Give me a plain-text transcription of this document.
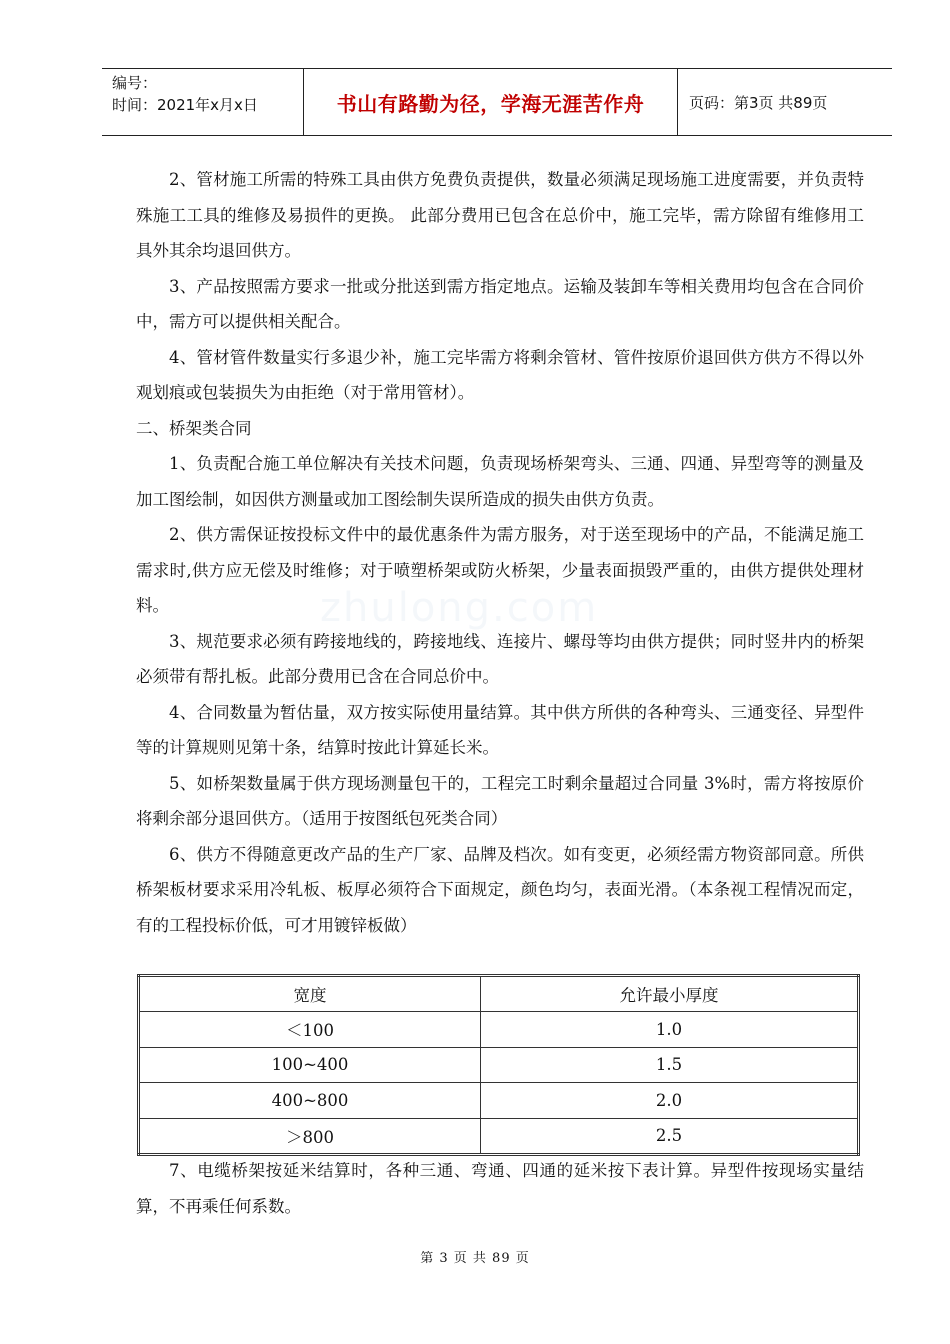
编号：
时间：2021年x月x日	书山有路勤为径，学海无涯苦作舟	页码：第3页 共89页
zhulong.com

2、管材施工所需的特殊工具由供方免费负责提供，数量必须满足现场施工进度需要，并负责特殊施工工具的维修及易损件的更换。 此部分费用已包含在总价中，施工完毕，需方除留有维修用工具外其余均退回供方。

3、产品按照需方要求一批或分批送到需方指定地点。运输及装卸车等相关费用均包含在合同价中，需方可以提供相关配合。

4、管材管件数量实行多退少补，施工完毕需方将剩余管材、管件按原价退回供方供方不得以外观划痕或包装损失为由拒绝（对于常用管材）。

二、桥架类合同

1、负责配合施工单位解决有关技术问题，负责现场桥架弯头、三通、四通、异型弯等的测量及加工图绘制，如因供方测量或加工图绘制失误所造成的损失由供方负责。

2、供方需保证按投标文件中的最优惠条件为需方服务，对于送至现场中的产品，不能满足施工需求时,供方应无偿及时维修；对于喷塑桥架或防火桥架，少量表面损毁严重的，由供方提供处理材料。

3、规范要求必须有跨接地线的，跨接地线、连接片、螺母等均由供方提供；同时竖井内的桥架必须带有帮扎板。此部分费用已含在合同总价中。

4、合同数量为暂估量，双方按实际使用量结算。其中供方所供的各种弯头、三通变径、异型件等的计算规则见第十条，结算时按此计算延长米。

5、如桥架数量属于供方现场测量包干的，工程完工时剩余量超过合同量 3%时，需方将按原价将剩余部分退回供方。（适用于按图纸包死类合同）

6、供方不得随意更改产品的生产厂家、品牌及档次。如有变更，必须经需方物资部同意。所供桥架板材要求采用冷轧板、板厚必须符合下面规定，颜色均匀，表面光滑。（本条视工程情况而定，有的工程投标价低，可才用镀锌板做）

宽度	允许最小厚度
＜100	1.0
100~400	1.5
400~800	2.0
＞800	2.5

7、电缆桥架按延米结算时，各种三通、弯通、四通的延米按下表计算。异型件按现场实量结算，不再乘任何系数。

第 3 页 共 89 页
